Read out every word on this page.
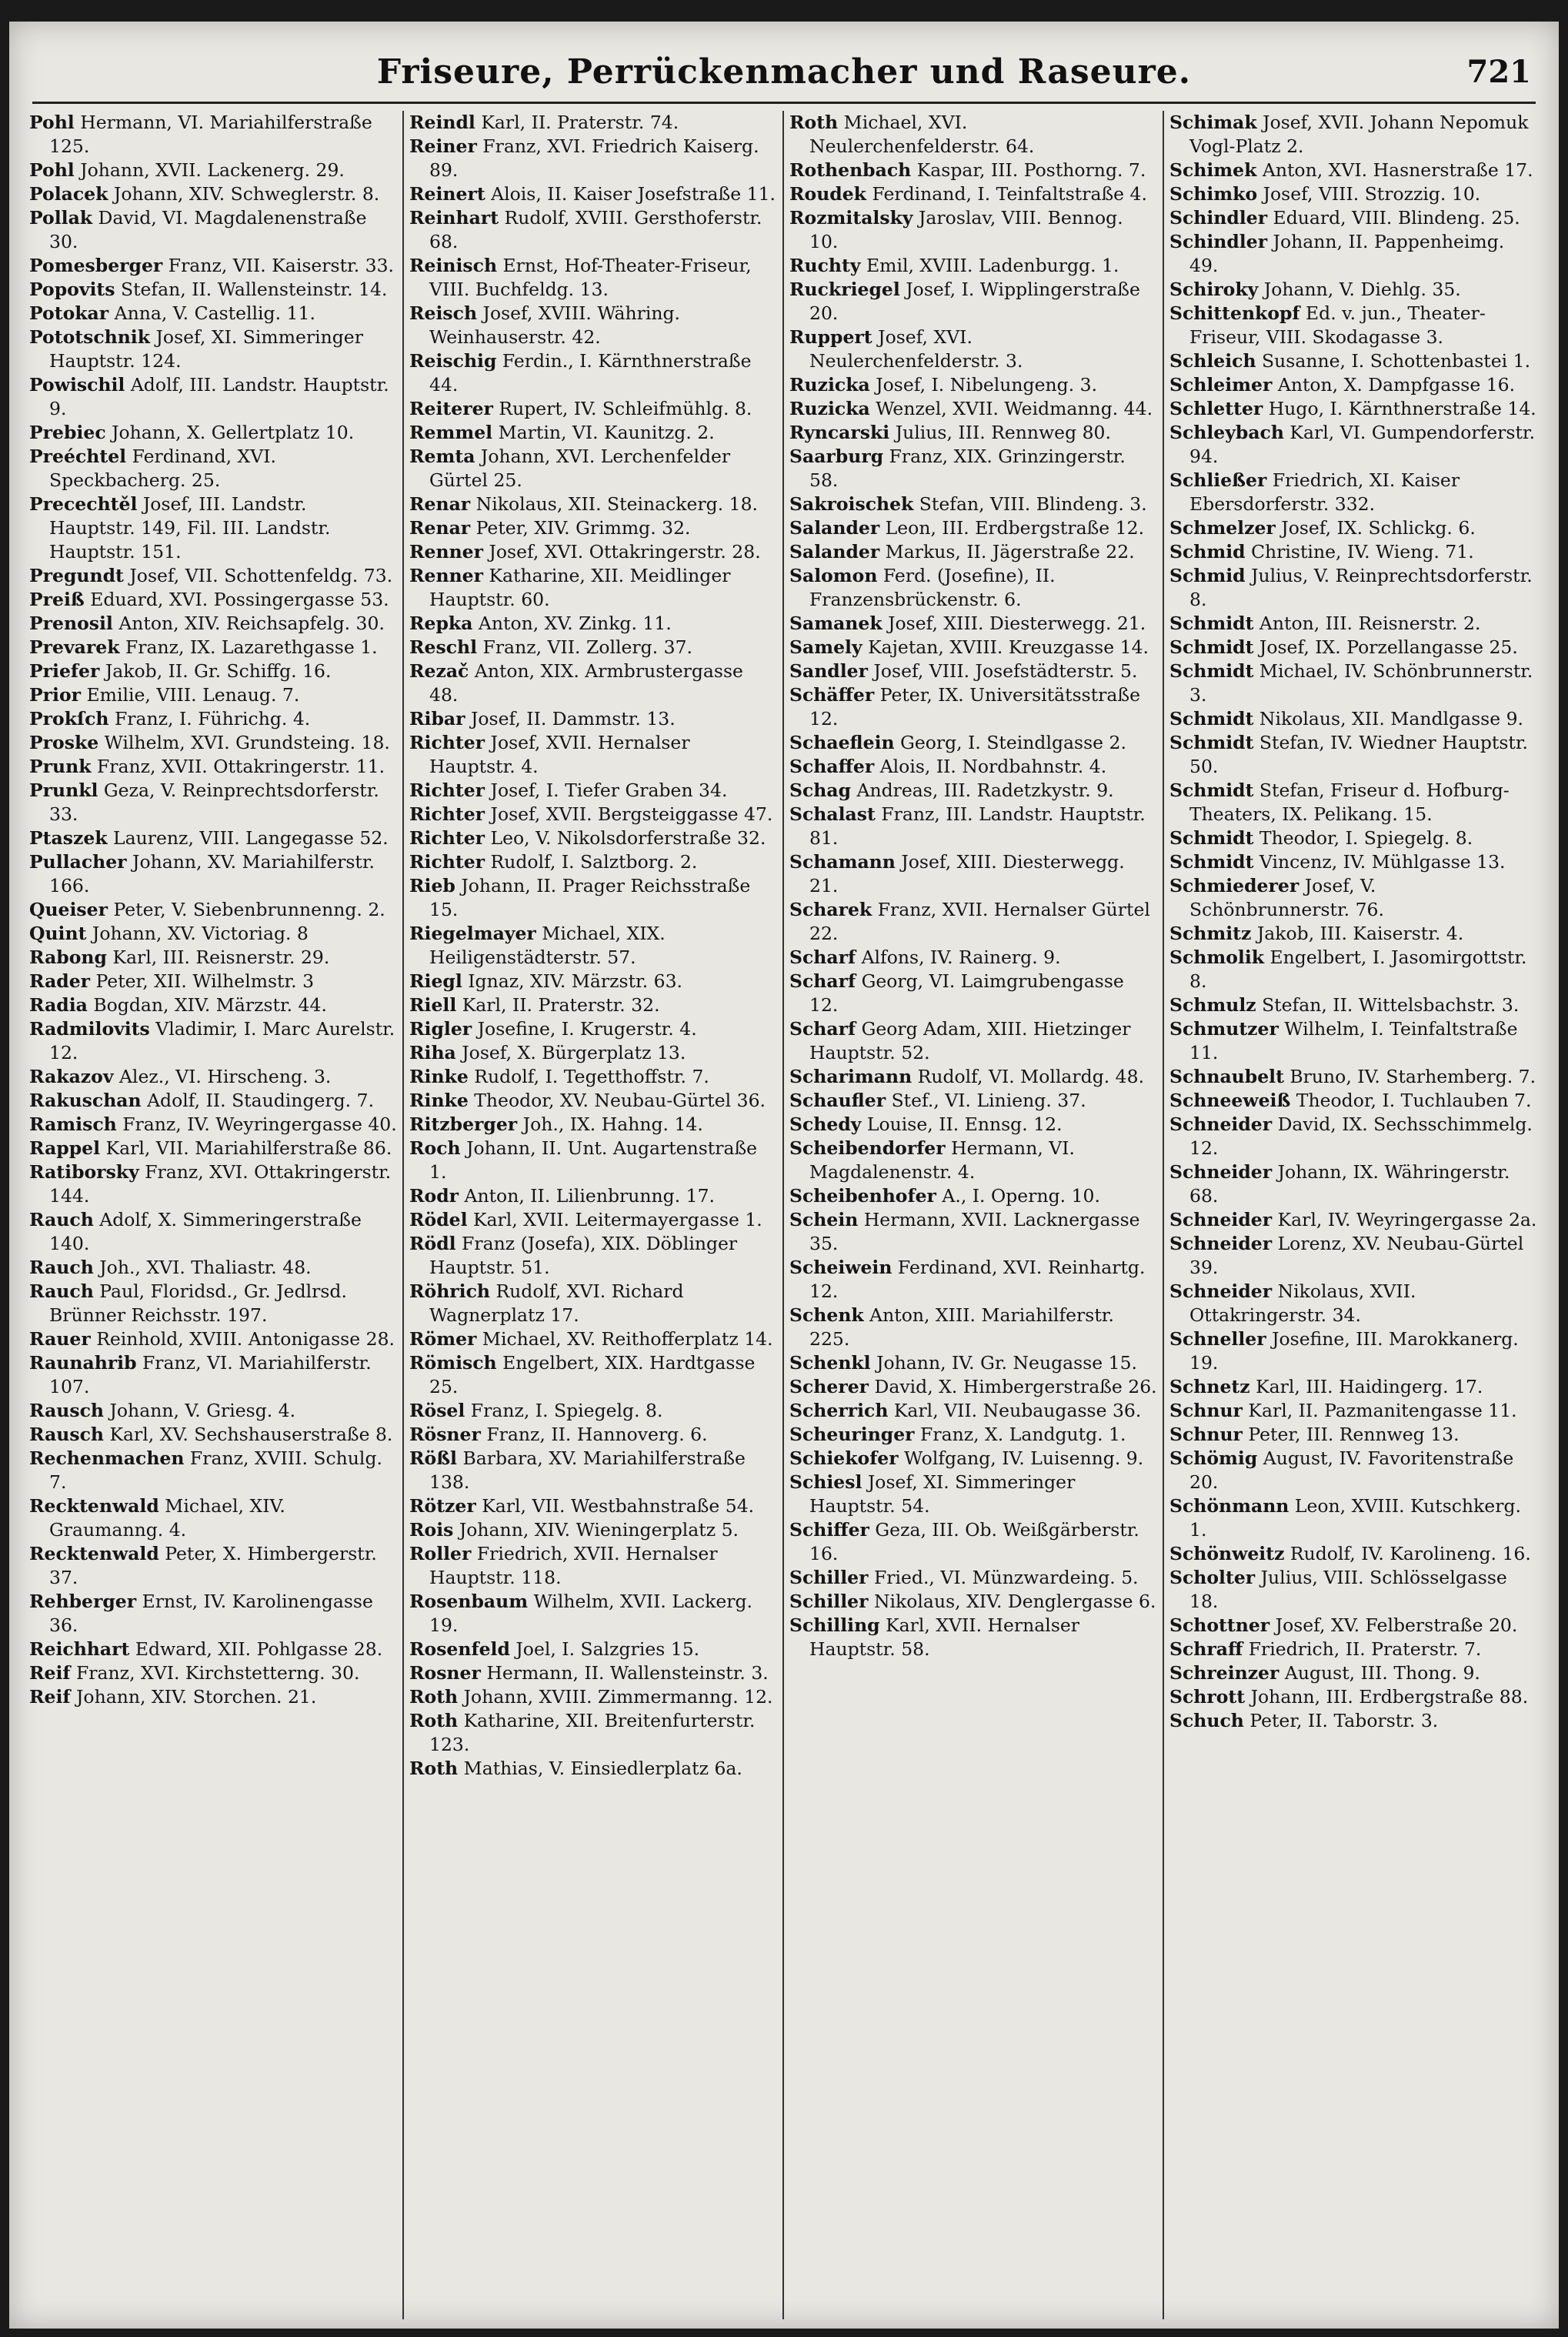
Friseure, Perrückenmacher und Raseure.	721
Pohl Hermann, VI. Mariahilferstraße 125.
Pohl Johann, XVII. Lackenerg. 29.
Polacek Johann, XIV. Schweglerstr. 8.
Pollak David, VI. Magdalenenstraße 30.
Pomesberger Franz, VII. Kaiserstr. 33.
Popovits Stefan, II. Wallensteinstr. 14.
Potokar Anna, V. Castellig. 11.
Pototschnik Josef, XI. Simmeringer Hauptstr. 124.
Powischil Adolf, III. Landstr. Hauptstr. 9.
Prebiec Johann, X. Gellertplatz 10.
Preéchtel Ferdinand, XVI. Speckbacherg. 25.
Precechtěl Josef, III. Landstr. Hauptstr. 149, Fil. III. Landstr. Hauptstr. 151.
Pregundt Josef, VII. Schottenfeldg. 73.
Preiß Eduard, XVI. Possingergasse 53.
Prenosil Anton, XIV. Reichsapfelg. 30.
Prevarek Franz, IX. Lazarethgasse 1.
Priefer Jakob, II. Gr. Schiffg. 16.
Prior Emilie, VIII. Lenaug. 7.
Prokſch Franz, I. Führichg. 4.
Proske Wilhelm, XVI. Grundsteing. 18.
Prunk Franz, XVII. Ottakringerstr. 11.
Prunkl Geza, V. Reinprechtsdorferstr. 33.
Ptaszek Laurenz, VIII. Langegasse 52.
Pullacher Johann, XV. Mariahilferstr. 166.
Queiser Peter, V. Siebenbrunnenng. 2.
Quint Johann, XV. Victoriag. 8
Rabong Karl, III. Reisnerstr. 29.
Rader Peter, XII. Wilhelmstr. 3
Radia Bogdan, XIV. Märzstr. 44.
Radmilovits Vladimir, I. Marc Aurelstr. 12.
Rakazov Alez., VI. Hirscheng. 3.
Rakuschan Adolf, II. Staudingerg. 7.
Ramisch Franz, IV. Weyringergasse 40.
Rappel Karl, VII. Mariahilferstraße 86.
Ratiborsky Franz, XVI. Ottakringerstr. 144.
Rauch Adolf, X. Simmeringerstraße 140.
Rauch Joh., XVI. Thaliastr. 48.
Rauch Paul, Floridsd., Gr. Jedlrsd. Brünner Reichsstr. 197.
Rauer Reinhold, XVIII. Antonigasse 28.
Raunahrib Franz, VI. Mariahilferstr. 107.
Rausch Johann, V. Griesg. 4.
Rausch Karl, XV. Sechshauserstraße 8.
Rechenmachen Franz, XVIII. Schulg. 7.
Recktenwald Michael, XIV. Graumanng. 4.
Recktenwald Peter, X. Himbergerstr. 37.
Rehberger Ernst, IV. Karolinengasse 36.
Reichhart Edward, XII. Pohlgasse 28.
Reif Franz, XVI. Kirchstetterng. 30.
Reif Johann, XIV. Storchen. 21.
Reindl Karl, II. Praterstr. 74.
Reiner Franz, XVI. Friedrich Kaiserg. 89.
Reinert Alois, II. Kaiser Josefstraße 11.
Reinhart Rudolf, XVIII. Gersthoferstr. 68.
Reinisch Ernst, Hof-Theater-Friseur, VIII. Buchfeldg. 13.
Reisch Josef, XVIII. Währing. Weinhauserstr. 42.
Reischig Ferdin., I. Kärnthnerstraße 44.
Reiterer Rupert, IV. Schleifmühlg. 8.
Remmel Martin, VI. Kaunitzg. 2.
Remta Johann, XVI. Lerchenfelder Gürtel 25.
Renar Nikolaus, XII. Steinackerg. 18.
Renar Peter, XIV. Grimmg. 32.
Renner Josef, XVI. Ottakringerstr. 28.
Renner Katharine, XII. Meidlinger Hauptstr. 60.
Repka Anton, XV. Zinkg. 11.
Reschl Franz, VII. Zollerg. 37.
Rezač Anton, XIX. Armbrustergasse 48.
Ribar Josef, II. Dammstr. 13.
Richter Josef, XVII. Hernalser Hauptstr. 4.
Richter Josef, I. Tiefer Graben 34.
Richter Josef, XVII. Bergsteiggasse 47.
Richter Leo, V. Nikolsdorferstraße 32.
Richter Rudolf, I. Salztborg. 2.
Rieb Johann, II. Prager Reichsstraße 15.
Riegelmayer Michael, XIX. Heiligenstädterstr. 57.
Riegl Ignaz, XIV. Märzstr. 63.
Riell Karl, II. Praterstr. 32.
Rigler Josefine, I. Krugerstr. 4.
Riha Josef, X. Bürgerplatz 13.
Rinke Rudolf, I. Tegetthoffstr. 7.
Rinke Theodor, XV. Neubau-Gürtel 36.
Ritzberger Joh., IX. Hahng. 14.
Roch Johann, II. Unt. Augartenstraße 1.
Rodr Anton, II. Lilienbrunng. 17.
Rödel Karl, XVII. Leitermayergasse 1.
Rödl Franz (Josefa), XIX. Döblinger Hauptstr. 51.
Röhrich Rudolf, XVI. Richard Wagnerplatz 17.
Römer Michael, XV. Reithofferplatz 14.
Römisch Engelbert, XIX. Hardtgasse 25.
Rösel Franz, I. Spiegelg. 8.
Rösner Franz, II. Hannoverg. 6.
Rößl Barbara, XV. Mariahilferstraße 138.
Rötzer Karl, VII. Westbahnstraße 54.
Rois Johann, XIV. Wieningerplatz 5.
Roller Friedrich, XVII. Hernalser Hauptstr. 118.
Rosenbaum Wilhelm, XVII. Lackerg. 19.
Rosenfeld Joel, I. Salzgries 15.
Rosner Hermann, II. Wallensteinstr. 3.
Roth Johann, XVIII. Zimmermanng. 12.
Roth Katharine, XII. Breitenfurterstr. 123.
Roth Mathias, V. Einsiedlerplatz 6a.
Roth Michael, XVI. Neulerchenfelderstr. 64.
Rothenbach Kaspar, III. Posthorng. 7.
Roudek Ferdinand, I. Teinfaltstraße 4.
Rozmitalsky Jaroslav, VIII. Bennog. 10.
Ruchty Emil, XVIII. Ladenburgg. 1.
Ruckriegel Josef, I. Wipplingerstraße 20.
Ruppert Josef, XVI. Neulerchenfelderstr. 3.
Ruzicka Josef, I. Nibelungeng. 3.
Ruzicka Wenzel, XVII. Weidmanng. 44.
Ryncarski Julius, III. Rennweg 80.
Saarburg Franz, XIX. Grinzingerstr. 58.
Sakroischek Stefan, VIII. Blindeng. 3.
Salander Leon, III. Erdbergstraße 12.
Salander Markus, II. Jägerstraße 22.
Salomon Ferd. (Josefine), II. Franzensbrückenstr. 6.
Samanek Josef, XIII. Diesterwegg. 21.
Samely Kajetan, XVIII. Kreuzgasse 14.
Sandler Josef, VIII. Josefstädterstr. 5.
Schäffer Peter, IX. Universitätsstraße 12.
Schaeflein Georg, I. Steindlgasse 2.
Schaffer Alois, II. Nordbahnstr. 4.
Schag Andreas, III. Radetzkystr. 9.
Schalast Franz, III. Landstr. Hauptstr. 81.
Schamann Josef, XIII. Diesterwegg. 21.
Scharek Franz, XVII. Hernalser Gürtel 22.
Scharf Alfons, IV. Rainerg. 9.
Scharf Georg, VI. Laimgrubengasse 12.
Scharf Georg Adam, XIII. Hietzinger Hauptstr. 52.
Scharimann Rudolf, VI. Mollardg. 48.
Schaufler Stef., VI. Linieng. 37.
Schedy Louise, II. Ennsg. 12.
Scheibendorfer Hermann, VI. Magdalenenstr. 4.
Scheibenhofer A., I. Operng. 10.
Schein Hermann, XVII. Lacknergasse 35.
Scheiwein Ferdinand, XVI. Reinhartg. 12.
Schenk Anton, XIII. Mariahilferstr. 225.
Schenkl Johann, IV. Gr. Neugasse 15.
Scherer David, X. Himbergerstraße 26.
Scherrich Karl, VII. Neubaugasse 36.
Scheuringer Franz, X. Landgutg. 1.
Schiekofer Wolfgang, IV. Luisenng. 9.
Schiesl Josef, XI. Simmeringer Hauptstr. 54.
Schiffer Geza, III. Ob. Weißgärberstr. 16.
Schiller Fried., VI. Münzwardeing. 5.
Schiller Nikolaus, XIV. Denglergasse 6.
Schilling Karl, XVII. Hernalser Hauptstr. 58.
Schimak Josef, XVII. Johann Nepomuk Vogl-Platz 2.
Schimek Anton, XVI. Hasnerstraße 17.
Schimko Josef, VIII. Strozzig. 10.
Schindler Eduard, VIII. Blindeng. 25.
Schindler Johann, II. Pappenheimg. 49.
Schiroky Johann, V. Diehlg. 35.
Schittenkopf Ed. v. jun., Theater-Friseur, VIII. Skodagasse 3.
Schleich Susanne, I. Schottenbastei 1.
Schleimer Anton, X. Dampfgasse 16.
Schletter Hugo, I. Kärnthnerstraße 14.
Schleybach Karl, VI. Gumpendorferstr. 94.
Schließer Friedrich, XI. Kaiser Ebersdorferstr. 332.
Schmelzer Josef, IX. Schlickg. 6.
Schmid Christine, IV. Wieng. 71.
Schmid Julius, V. Reinprechtsdorferstr. 8.
Schmidt Anton, III. Reisnerstr. 2.
Schmidt Josef, IX. Porzellangasse 25.
Schmidt Michael, IV. Schönbrunnerstr. 3.
Schmidt Nikolaus, XII. Mandlgasse 9.
Schmidt Stefan, IV. Wiedner Hauptstr. 50.
Schmidt Stefan, Friseur d. Hofburg-Theaters, IX. Pelikang. 15.
Schmidt Theodor, I. Spiegelg. 8.
Schmidt Vincenz, IV. Mühlgasse 13.
Schmiederer Josef, V. Schönbrunnerstr. 76.
Schmitz Jakob, III. Kaiserstr. 4.
Schmolik Engelbert, I. Jasomirgottstr. 8.
Schmulz Stefan, II. Wittelsbachstr. 3.
Schmutzer Wilhelm, I. Teinfaltstraße 11.
Schnaubelt Bruno, IV. Starhemberg. 7.
Schneeweiß Theodor, I. Tuchlauben 7.
Schneider David, IX. Sechsschimmelg. 12.
Schneider Johann, IX. Währingerstr. 68.
Schneider Karl, IV. Weyringergasse 2a.
Schneider Lorenz, XV. Neubau-Gürtel 39.
Schneider Nikolaus, XVII. Ottakringerstr. 34.
Schneller Josefine, III. Marokkanerg. 19.
Schnetz Karl, III. Haidingerg. 17.
Schnur Karl, II. Pazmanitengasse 11.
Schnur Peter, III. Rennweg 13.
Schömig August, IV. Favoritenstraße 20.
Schönmann Leon, XVIII. Kutschkerg. 1.
Schönweitz Rudolf, IV. Karolineng. 16.
Scholter Julius, VIII. Schlösselgasse 18.
Schottner Josef, XV. Felberstraße 20.
Schraff Friedrich, II. Praterstr. 7.
Schreinzer August, III. Thong. 9.
Schrott Johann, III. Erdbergstraße 88.
Schuch Peter, II. Taborstr. 3.
